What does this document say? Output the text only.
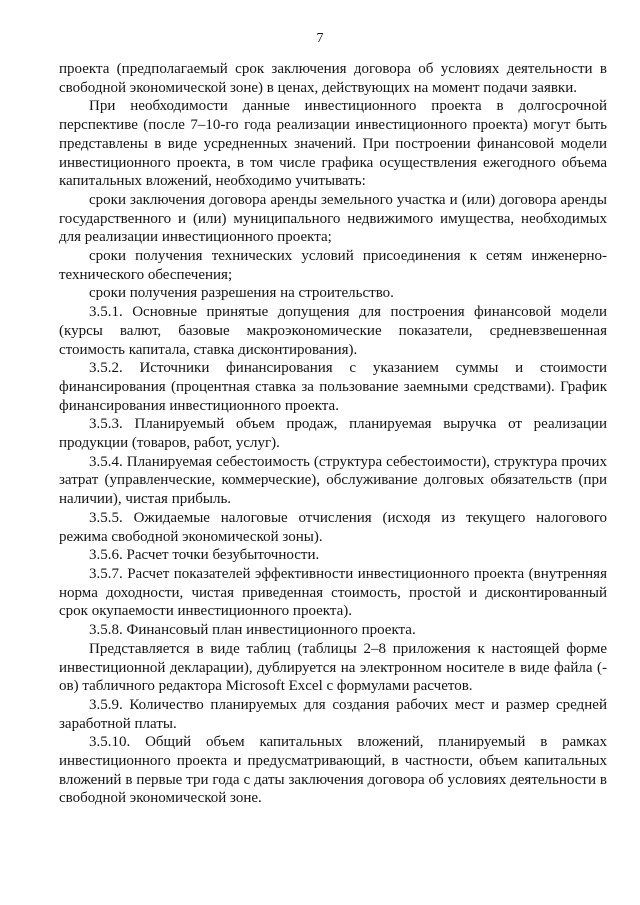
7

проекта (предполагаемый срок заключения договора об условиях деятельности в свободной экономической зоне) в ценах, действующих на момент подачи заявки.

При необходимости данные инвестиционного проекта в долгосрочной перспективе (после 7–10-го года реализации инвестиционного проекта) могут быть представлены в виде усредненных значений. При построении финансовой модели инвестиционного проекта, в том числе графика осуществления ежегодного объема капитальных вложений, необходимо учитывать:

сроки заключения договора аренды земельного участка и (или) договора аренды государственного и (или) муниципального недвижимого имущества, необходимых для реализации инвестиционного проекта;

сроки получения технических условий присоединения к сетям инженерно-технического обеспечения;

сроки получения разрешения на строительство.

3.5.1. Основные принятые допущения для построения финансовой модели (курсы валют, базовые макроэкономические показатели, средневзвешенная стоимость капитала, ставка дисконтирования).

3.5.2. Источники финансирования с указанием суммы и стоимости финансирования (процентная ставка за пользование заемными средствами). График финансирования инвестиционного проекта.

3.5.3. Планируемый объем продаж, планируемая выручка от реализации продукции (товаров, работ, услуг).

3.5.4. Планируемая себестоимость (структура себестоимости), структура прочих затрат (управленческие, коммерческие), обслуживание долговых обязательств (при наличии), чистая прибыль.

3.5.5. Ожидаемые налоговые отчисления (исходя из текущего налогового режима свободной экономической зоны).

3.5.6. Расчет точки безубыточности.

3.5.7. Расчет показателей эффективности инвестиционного проекта (внутренняя норма доходности, чистая приведенная стоимость, простой и дисконтированный срок окупаемости инвестиционного проекта).

3.5.8. Финансовый план инвестиционного проекта.

Представляется в виде таблиц (таблицы 2–8 приложения к настоящей форме инвестиционной декларации), дублируется на электронном носителе в виде файла (-ов) табличного редактора Microsoft Excel с формулами расчетов.

3.5.9. Количество планируемых для создания рабочих мест и размер средней заработной платы.

3.5.10. Общий объем капитальных вложений, планируемый в рамках инвестиционного проекта и предусматривающий, в частности, объем капитальных вложений в первые три года с даты заключения договора об условиях деятельности в свободной экономической зоне.
